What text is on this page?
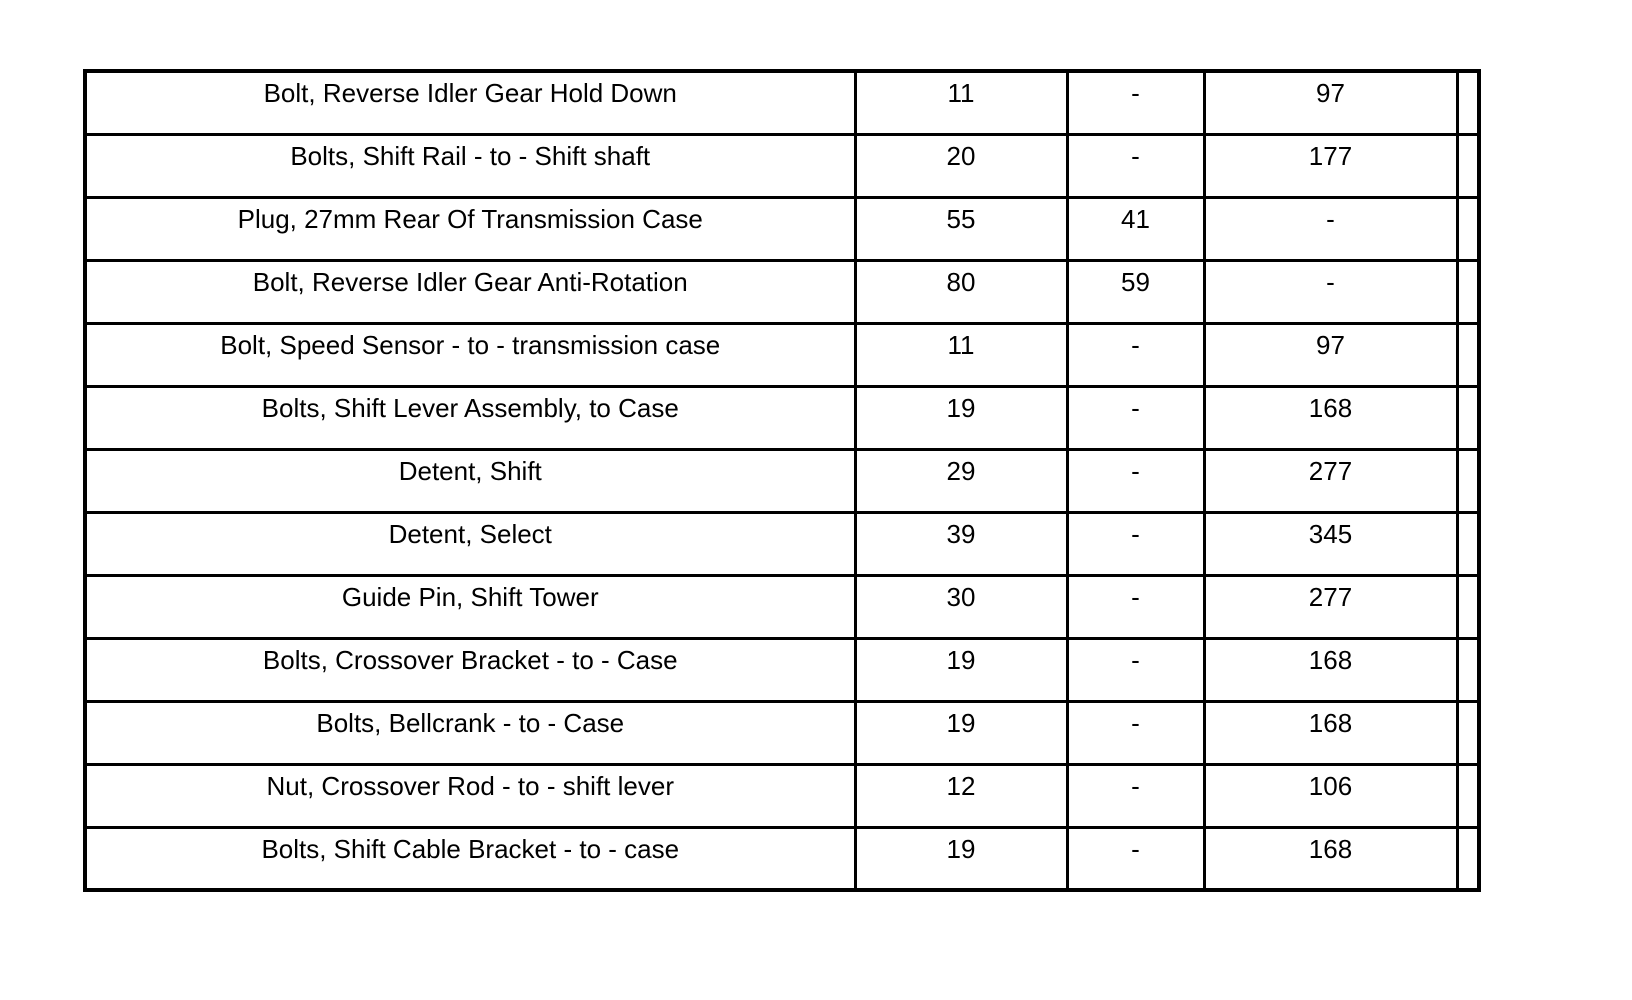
Bolt, Reverse Idler Gear Hold Down	11	-	97	

Bolts, Shift Rail - to - Shift shaft	20	-	177	

Plug, 27mm Rear Of Transmission Case	55	41	-	

Bolt, Reverse Idler Gear Anti-Rotation	80	59	-	

Bolt, Speed Sensor - to - transmission case	11	-	97	

Bolts, Shift Lever Assembly, to Case	19	-	168	

Detent, Shift	29	-	277	

Detent, Select	39	-	345	

Guide Pin, Shift Tower	30	-	277	

Bolts, Crossover Bracket - to - Case	19	-	168	

Bolts, Bellcrank - to - Case	19	-	168	

Nut, Crossover Rod - to - shift lever	12	-	106	

Bolts, Shift Cable Bracket - to - case	19	-	168	
